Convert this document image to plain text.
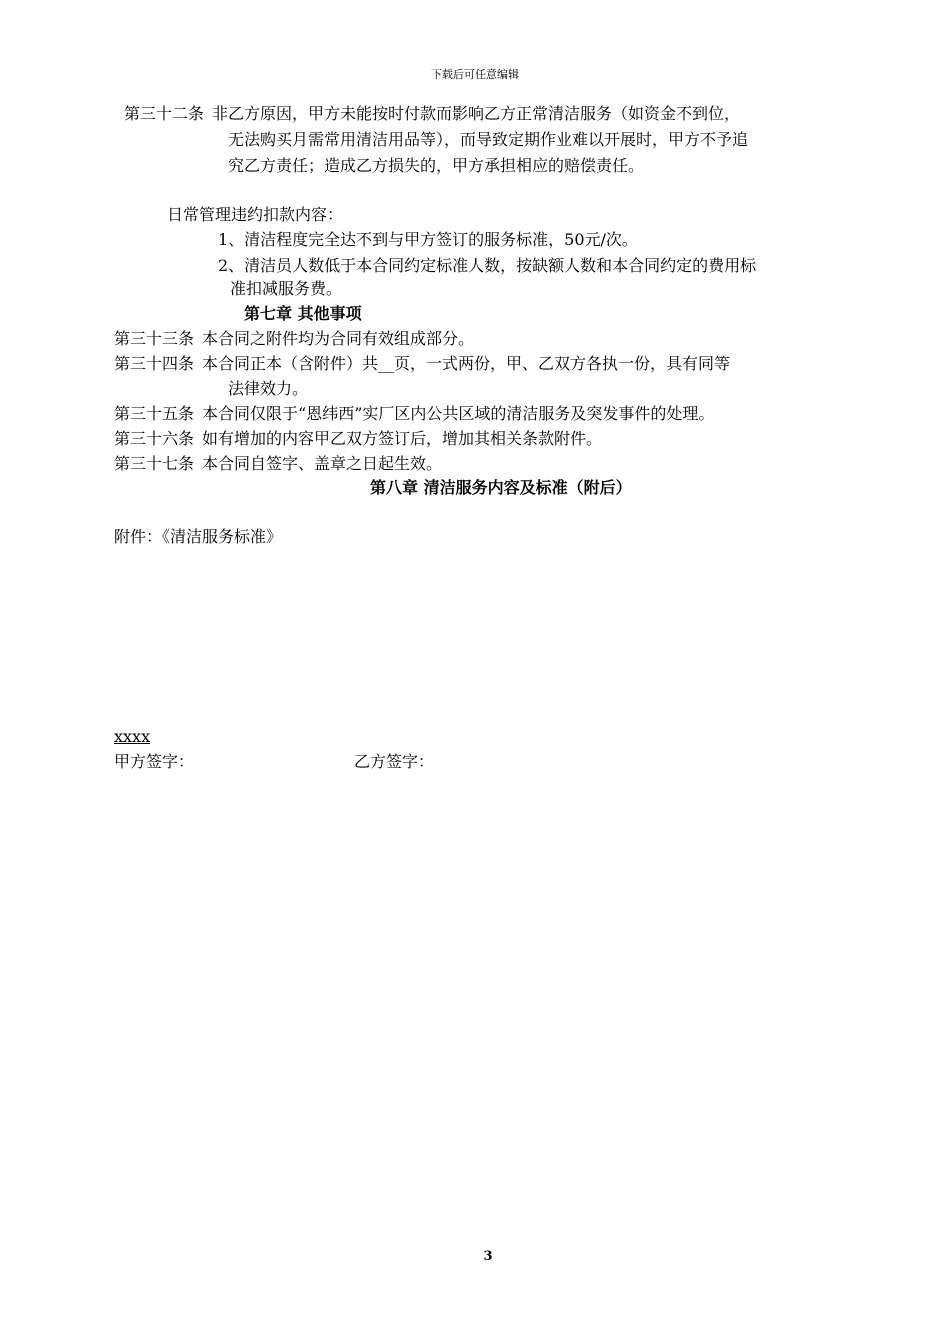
下载后可任意编辑
第三十二条 非乙方原因，甲方未能按时付款而影响乙方正常清洁服务（如资金不到位，
无法购买月需常用清洁用品等），而导致定期作业难以开展时，甲方不予追
究乙方责任；造成乙方损失的，甲方承担相应的赔偿责任。
日常管理违约扣款内容：
1、清洁程度完全达不到与甲方签订的服务标准，50元/次。
2、清洁员人数低于本合同约定标准人数，按缺额人数和本合同约定的费用标
准扣减服务费。
第七章 其他事项
第三十三条 本合同之附件均为合同有效组成部分。
第三十四条 本合同正本（含附件）共__页，一式两份，甲、乙双方各执一份，具有同等
法律效力。
第三十五条 本合同仅限于“恩纬西”实厂区内公共区域的清洁服务及突发事件的处理。
第三十六条 如有增加的内容甲乙双方签订后，增加其相关条款附件。
第三十七条 本合同自签字、盖章之日起生效。
第八章 清洁服务内容及标准（附后）
附件：《清洁服务标准》
xxxx
甲方签字：	乙方签字：
3
